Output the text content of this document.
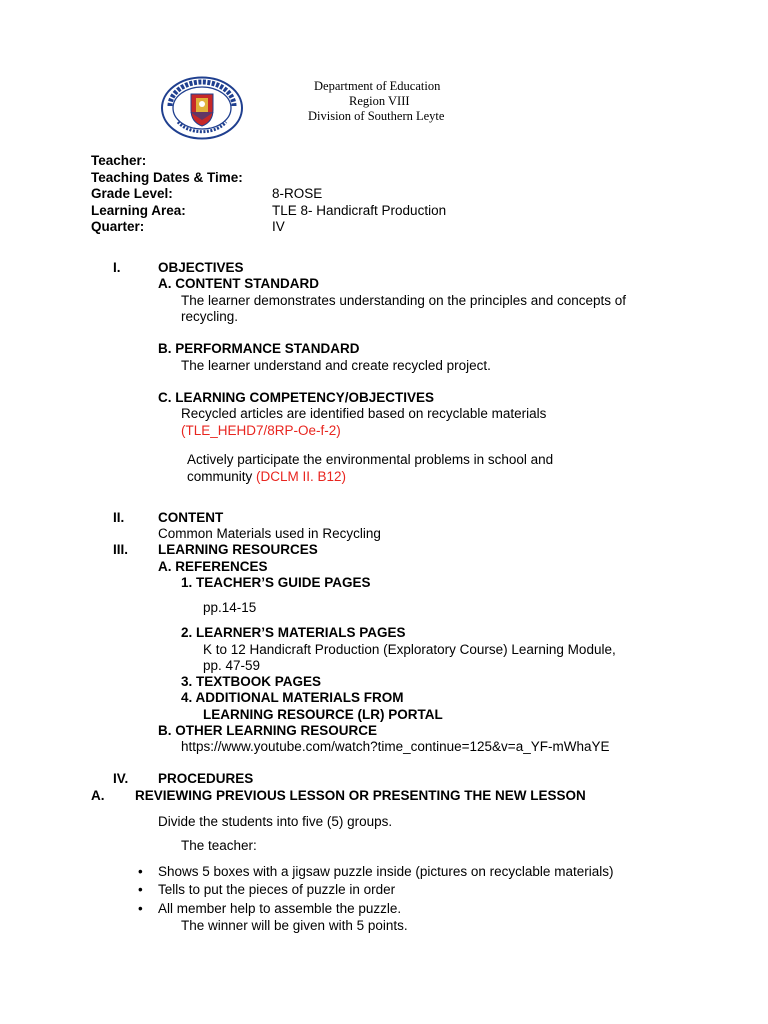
Department of Education
Region VIII
Division of Southern Leyte
Teacher:
Teaching Dates & Time:
Grade Level:	8-ROSE
Learning Area:	TLE 8- Handicraft Production
Quarter:	IV
I.	OBJECTIVES
A. CONTENT STANDARD
The learner demonstrates understanding on the principles and concepts of
recycling.
B. PERFORMANCE STANDARD
The learner understand and create recycled project.
C. LEARNING COMPETENCY/OBJECTIVES
Recycled articles are identified based on recyclable materials
(TLE_HEHD7/8RP-Oe-f-2)
Actively participate the environmental problems in school and
community (DCLM II. B12)
II. CONTENT
Common Materials used in Recycling
III. LEARNING RESOURCES
A. REFERENCES
1. TEACHER’S GUIDE PAGES
pp.14-15
2. LEARNER’S MATERIALS PAGES
K to 12 Handicraft Production (Exploratory Course) Learning Module,
pp. 47-59
3. TEXTBOOK PAGES
4. ADDITIONAL MATERIALS FROM
LEARNING RESOURCE (LR) PORTAL
B. OTHER LEARNING RESOURCE
https://www.youtube.com/watch?time_continue=125&v=a_YF-mWhaYE
IV. PROCEDURES
A. REVIEWING PREVIOUS LESSON OR PRESENTING THE NEW LESSON
Divide the students into five (5) groups.
The teacher:
• Shows 5 boxes with a jigsaw puzzle inside (pictures on recyclable materials)
• Tells to put the pieces of puzzle in order
• All member help to assemble the puzzle.
The winner will be given with 5 points.
